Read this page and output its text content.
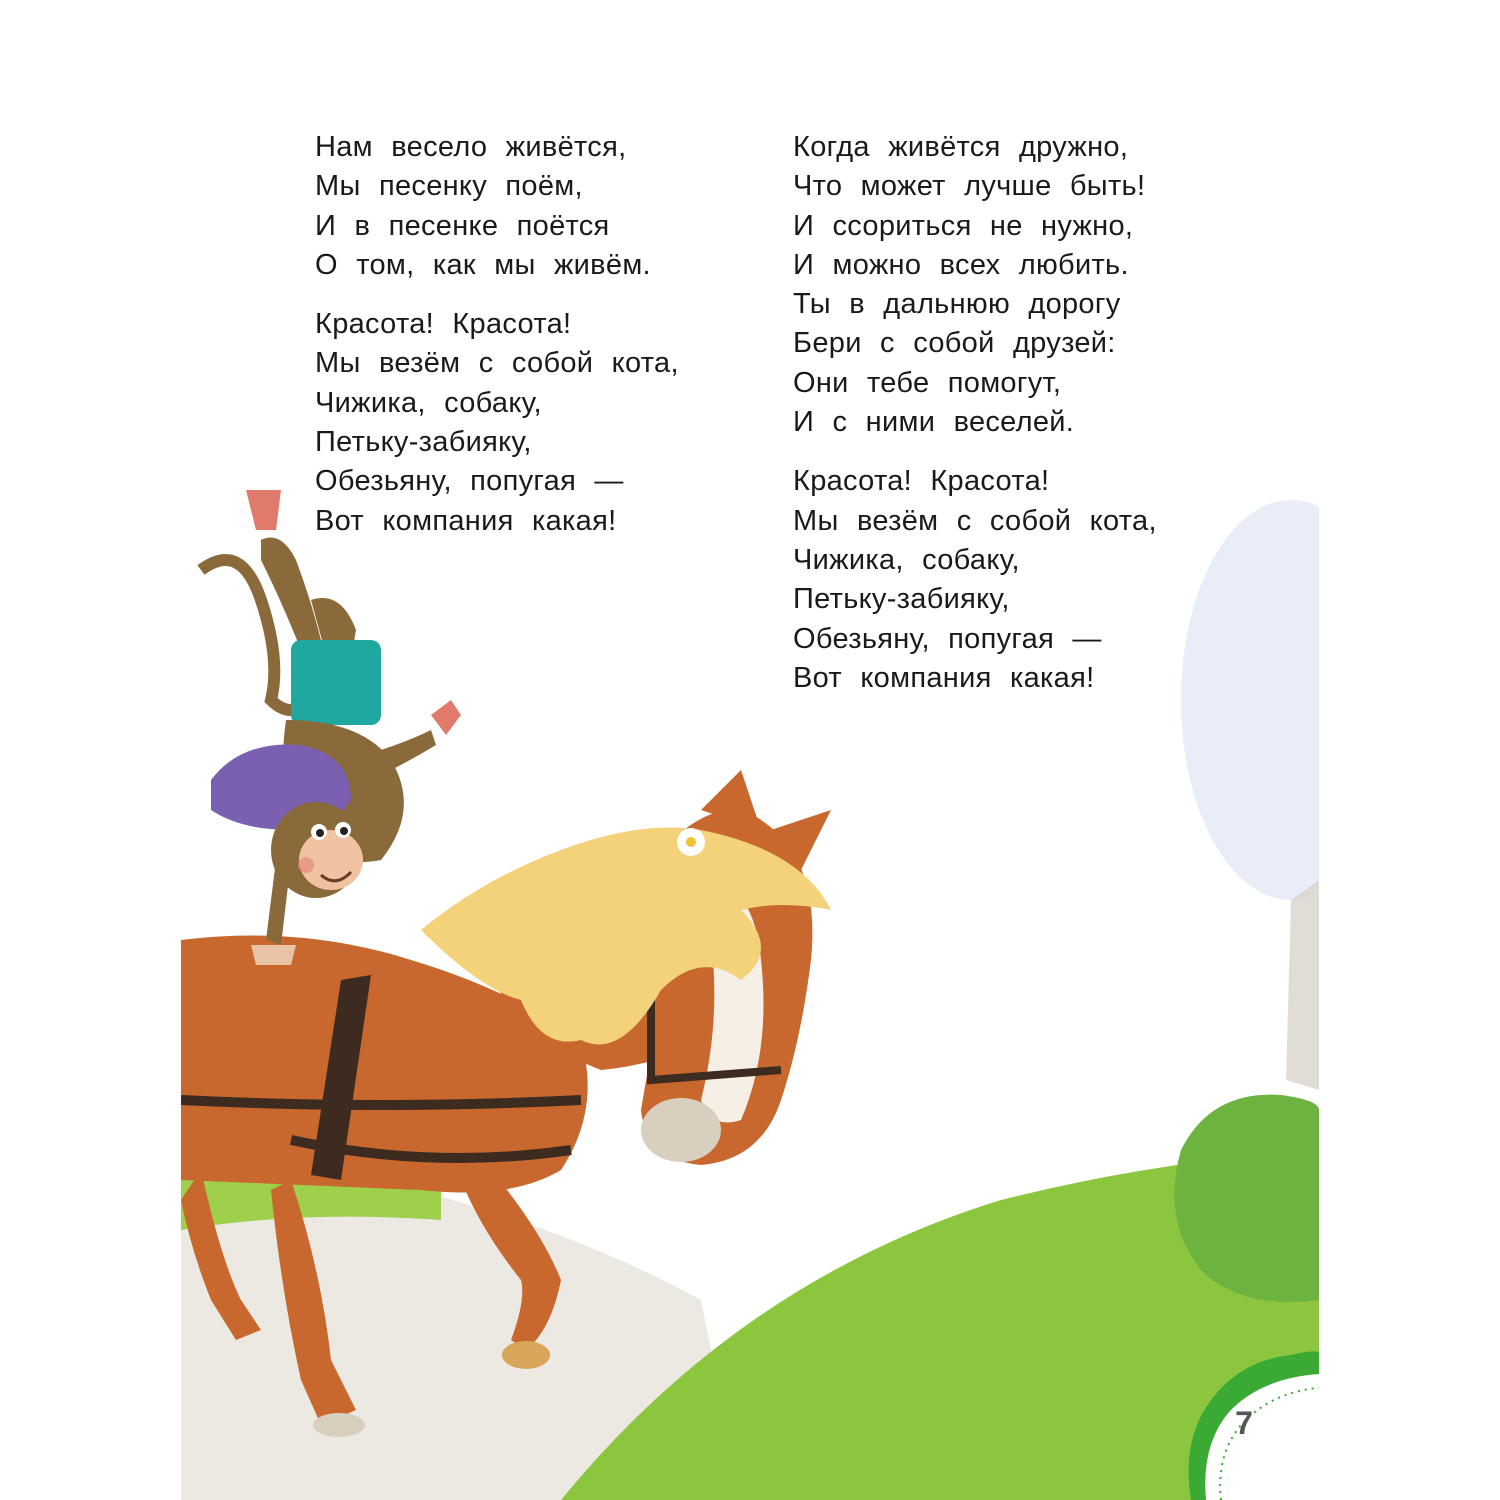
Нам весело живётся,
Мы песенку поём,
И в песенке поётся
О том, как мы живём.
Красота! Красота!
Мы везём с собой кота,
Чижика, собаку,
Петьку-забияку,
Обезьяну, попугая —
Вот компания какая!
Когда живётся дружно,
Что может лучше быть!
И ссориться не нужно,
И можно всех любить.
Ты в дальнюю дорогу
Бери с собой друзей:
Они тебе помогут,
И с ними веселей.
Красота! Красота!
Мы везём с собой кота,
Чижика, собаку,
Петьку-забияку,
Обезьяну, попугая —
Вот компания какая!
7
